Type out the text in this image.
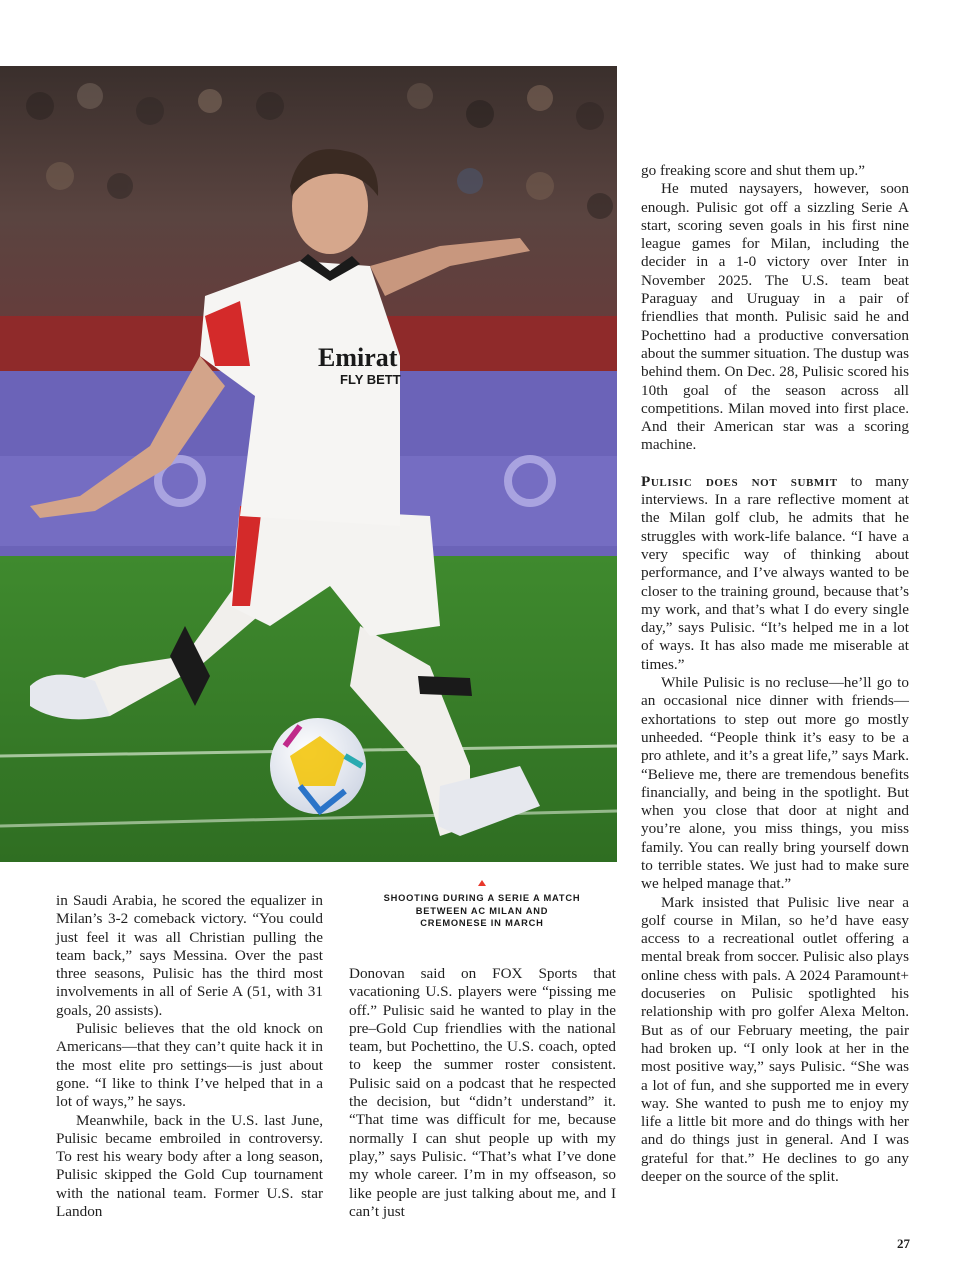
Emirat
FLY BETT

in Saudi Arabia, he scored the equalizer in Milan’s 3-2 comeback victory. “You could just feel it was all Christian pulling the team back,” says Messina. Over the past three seasons, Pulisic has the third most involvements in all of Serie A (51, with 31 goals, 20 assists).

Pulisic believes that the old knock on Americans—that they can’t quite hack it in the most elite pro settings—is just about gone. “I like to think I’ve helped that in a lot of ways,” he says.

Meanwhile, back in the U.S. last June, Pulisic became embroiled in controversy. To rest his weary body after a long season, Pulisic skipped the Gold Cup tournament with the national team. Former U.S. star Landon

SHOOTING DURING A SERIE A MATCH BETWEEN AC MILAN AND CREMONESE IN MARCH

Donovan said on FOX Sports that vacationing U.S. players were “pissing me off.” Pulisic said he wanted to play in the pre–Gold Cup friendlies with the national team, but Pochettino, the U.S. coach, opted to keep the summer roster consistent. Pulisic said on a podcast that he respected the decision, but “didn’t understand” it. “That time was difficult for me, because normally I can shut people up with my play,” says Pulisic. “That’s what I’ve done my whole career. I’m in my offseason, so like people are just talking about me, and I can’t just

go freaking score and shut them up.”

He muted naysayers, however, soon enough. Pulisic got off a sizzling Serie A start, scoring seven goals in his first nine league games for Milan, including the decider in a 1-0 victory over Inter in November 2025. The U.S. team beat Paraguay and Uruguay in a pair of friendlies that month. Pulisic said he and Pochettino had a productive conversation about the summer situation. The dustup was behind them. On Dec. 28, Pulisic scored his 10th goal of the season across all competitions. Milan moved into first place. And their American star was a scoring machine.

Pulisic does not submit to many interviews. In a rare reflective moment at the Milan golf club, he admits that he struggles with work-life balance. “I have a very specific way of thinking about performance, and I’ve always wanted to be closer to the training ground, because that’s my work, and that’s what I do every single day,” says Pulisic. “It’s helped me in a lot of ways. It has also made me miserable at times.”

While Pulisic is no recluse—he’ll go to an occasional nice dinner with friends—exhortations to step out more go mostly unheeded. “People think it’s easy to be a pro athlete, and it’s a great life,” says Mark. “Believe me, there are tremendous benefits financially, and being in the spotlight. But when you close that door at night and you’re alone, you miss things, you miss family. You can really bring yourself down to terrible states. We just had to make sure we helped manage that.”

Mark insisted that Pulisic live near a golf course in Milan, so he’d have easy access to a recreational outlet offering a mental break from soccer. Pulisic also plays online chess with pals. A 2024 Paramount+ docuseries on Pulisic spotlighted his relationship with pro golfer Alexa Melton. But as of our February meeting, the pair had broken up. “I only look at her in the most positive way,” says Pulisic. “She was a lot of fun, and she supported me in every way. She wanted to push me to enjoy my life a little bit more and do things with her and do things just in general. And I was grateful for that.” He declines to go any deeper on the source of the split.

27
